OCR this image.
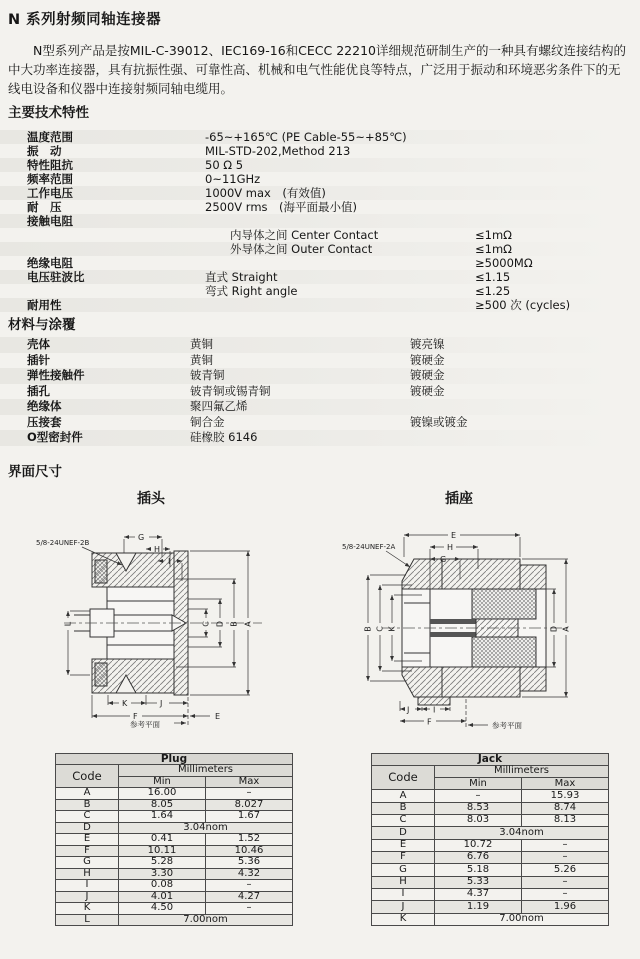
N 系列射频同轴连接器

N型系列产品是按MIL-C-39012、IEC169-16和CECC 22210详细规范研制生产的一种具有螺纹连接结构的中大功率连接器，具有抗振性强、可靠性高、机械和电气性能优良等特点，广泛用于振动和环境恶劣条件下的无线电设备和仪器中连接射频同轴电缆用。

主要技术特性
温度范围	-65~+165℃ (PE Cable-55~+85℃)
振　动	MIL-STD-202,Method 213
特性阻抗	50 Ω 5
频率范围	0~11GHz
工作电压	1000V max　(有效值)
耐　压	2500V rms　(海平面最小值)
接触电阻
内导体之间 Center Contact	≤1mΩ
外导体之间 Outer Contact	≤1mΩ
绝缘电阻	≥5000MΩ
电压驻波比	直式 Straight	≤1.15
弯式 Right angle	≤1.25
耐用性	≥500 次 (cycles)
材料与涂覆
壳体	黄铜	镀亮镍
插针	黄铜	镀硬金
弹性接触件	铍青铜	镀硬金
插孔	铍青铜或锡青铜	镀硬金
绝缘体	聚四氟乙烯
压接套	铜合金	镀镍或镀金
O型密封件	硅橡胶 6146
界面尺寸
插头
G
H
I
5/8-24UNEF-2B
L	C D B A
K	J
F	E
参考平面
插座
E
H
G
5/8-24UNEF-2A
B C K	D A
J	I
F	参考平面
Plug		
Code	Millimeters	
	Min	Max
A	16.00	–
B	8.05	8.027
C	1.64	1.67
D	3.04nom	
E	0.41	1.52
F	10.11	10.46
G	5.28	5.36
H	3.30	4.32
I	0.08	–
J	4.01	4.27
K	4.50	–
L	7.00nom	
Jack		
Code	Millimeters	
	Min	Max
A	–	15.93
B	8.53	8.74
C	8.03	8.13
D	3.04nom	
E	10.72	–
F	6.76	–
G	5.18	5.26
H	5.33	–
I	4.37	–
J	1.19	1.96
K	7.00nom	
